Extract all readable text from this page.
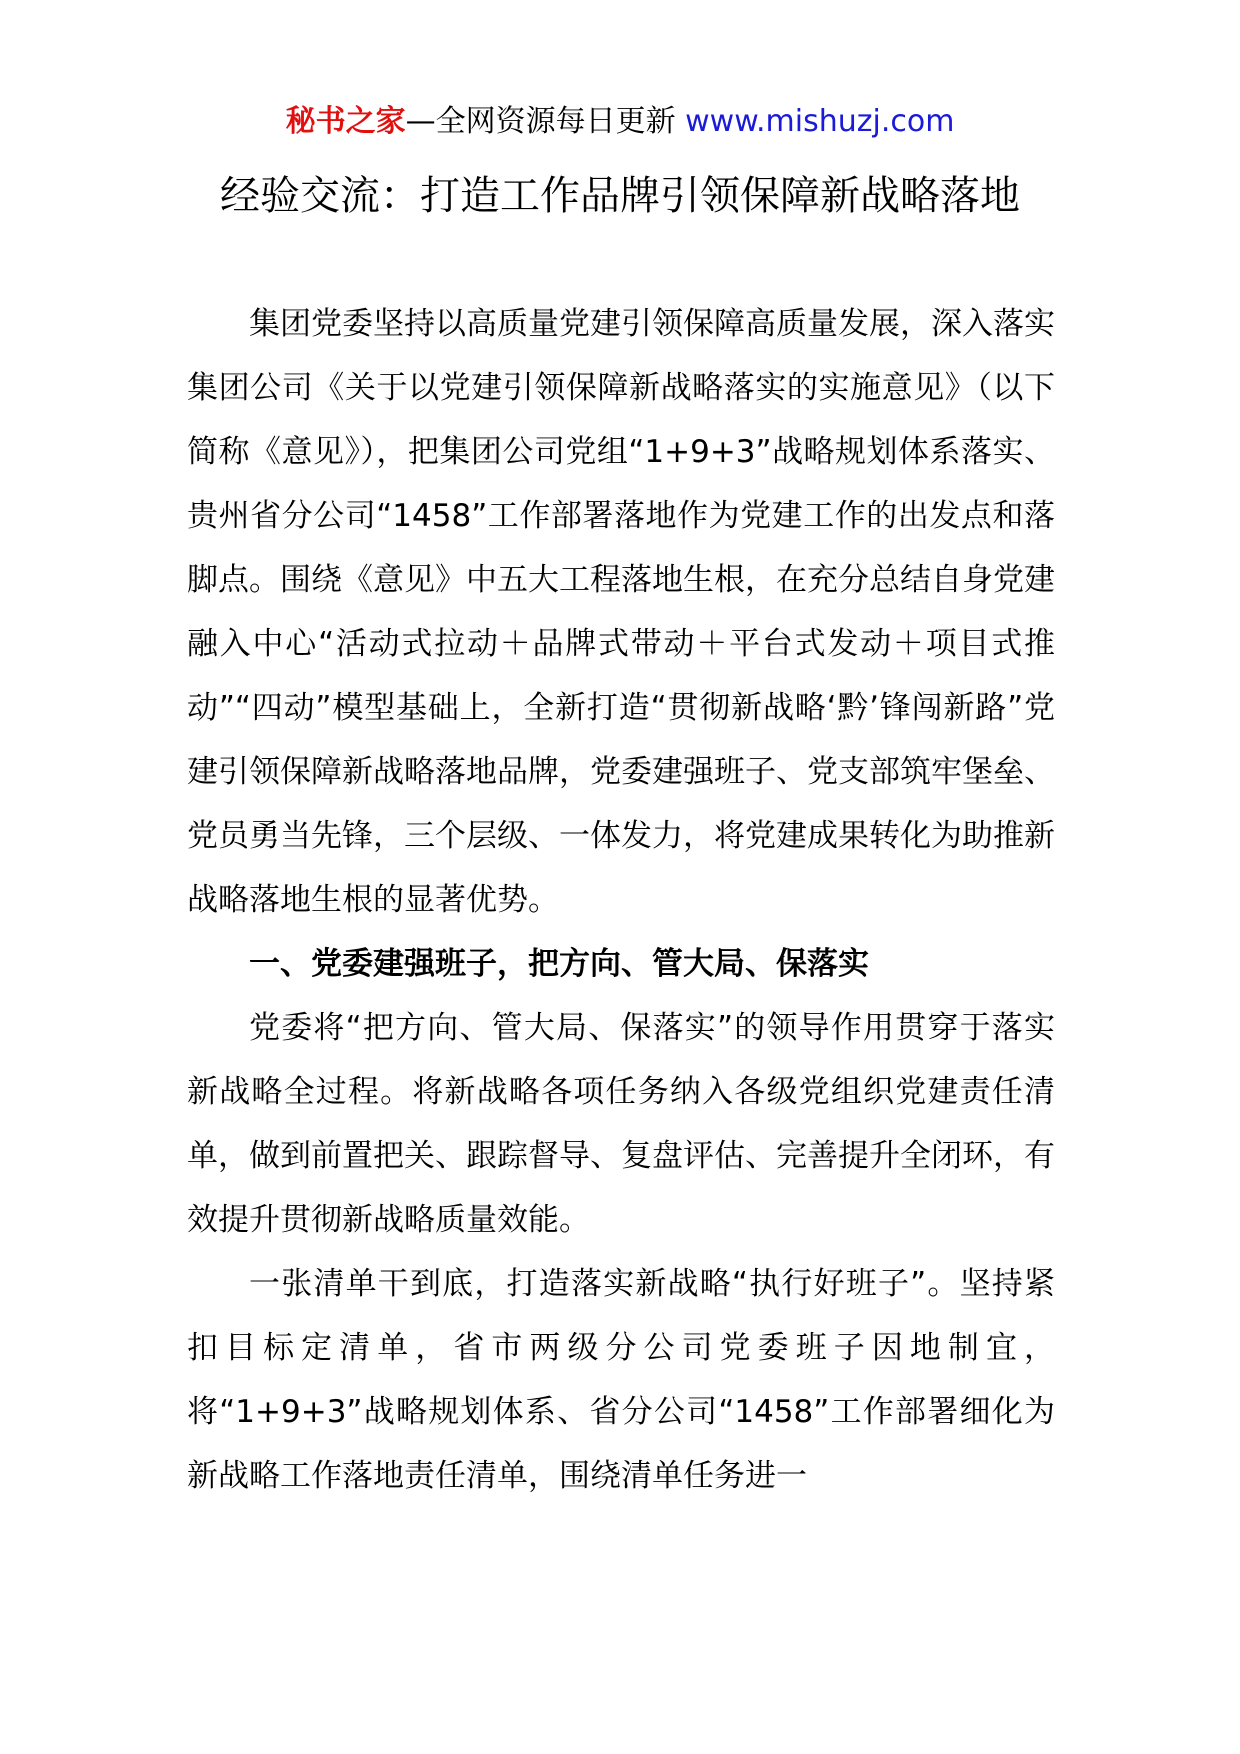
秘书之家—全网资源每日更新 www.mishuzj.com
经验交流：打造工作品牌引领保障新战略落地

集团党委坚持以高质量党建引领保障高质量发展，深入落实集团公司《关于以党建引领保障新战略落实的实施意见》（以下简称《意见》），把集团公司党组“1+9+3”战略规划体系落实、贵州省分公司“1458”工作部署落地作为党建工作的出发点和落脚点。围绕《意见》中五大工程落地生根，在充分总结自身党建融入中心“活动式拉动＋品牌式带动＋平台式发动＋项目式推动”“四动”模型基础上，全新打造“贯彻新战略‘黔’锋闯新路”党建引领保障新战略落地品牌，党委建强班子、党支部筑牢堡垒、党员勇当先锋，三个层级、一体发力，将党建成果转化为助推新战略落地生根的显著优势。

一、党委建强班子，把方向、管大局、保落实

党委将“把方向、管大局、保落实”的领导作用贯穿于落实新战略全过程。将新战略各项任务纳入各级党组织党建责任清单，做到前置把关、跟踪督导、复盘评估、完善提升全闭环，有效提升贯彻新战略质量效能。

一张清单干到底，打造落实新战略“执行好班子”。坚持紧扣目标定清单，省市两级分公司党委班子因地制宜，将“1+9+3”战略规划体系、省分公司“1458”工作部署细化为新战略工作落地责任清单，围绕清单任务进一
